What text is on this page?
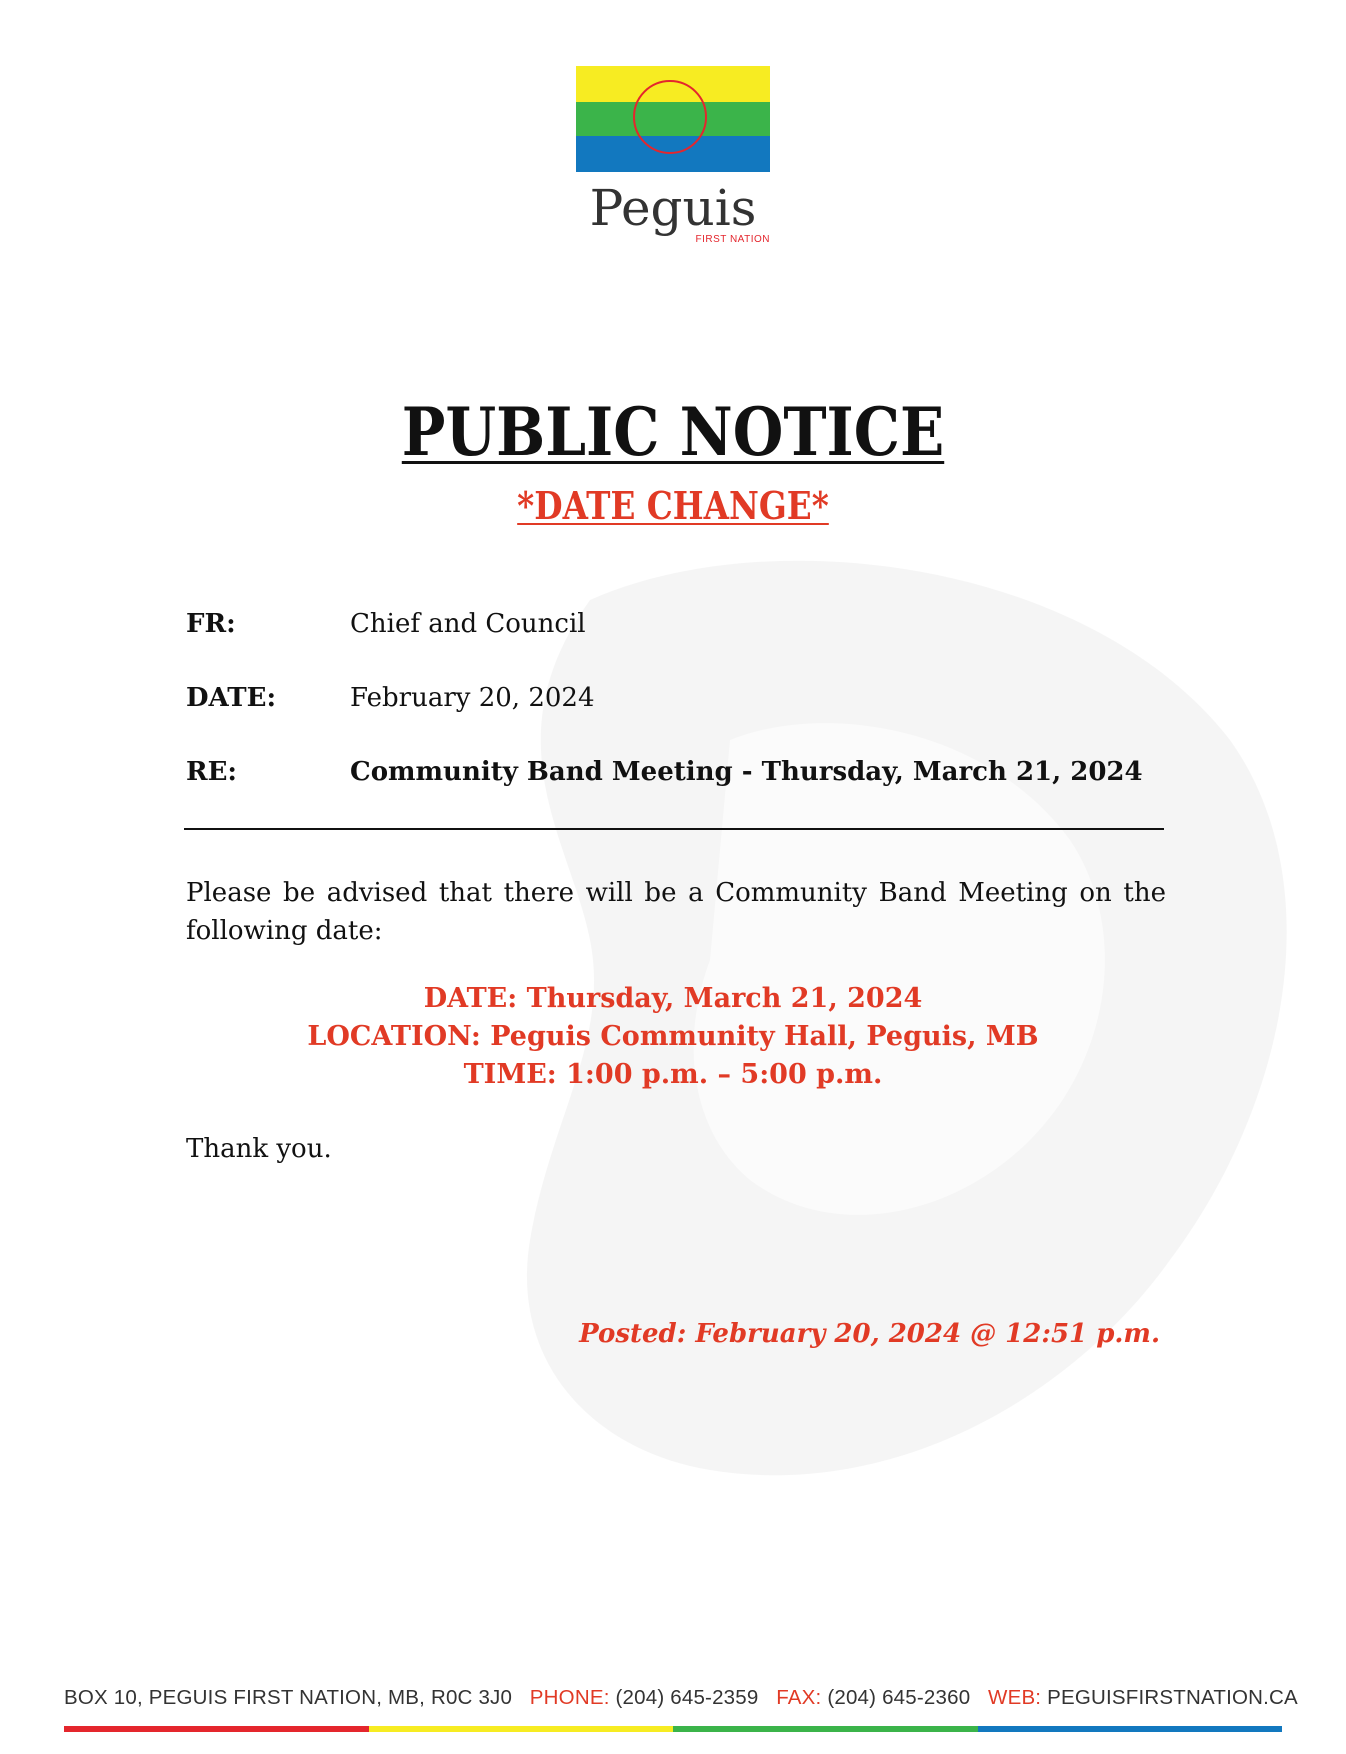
Peguis
FIRST NATION
PUBLIC NOTICE
*DATE CHANGE*
FR:	Chief and Council
DATE:	February 20, 2024
RE:	Community Band Meeting - Thursday, March 21, 2024
Please be advised that there will be a Community Band Meeting on the following date:
DATE: Thursday, March 21, 2024
LOCATION: Peguis Community Hall, Peguis, MB
TIME: 1:00 p.m. – 5:00 p.m.
Thank you.
Posted: February 20, 2024 @ 12:51 p.m.
BOX 10, PEGUIS FIRST NATION, MB, R0C 3J0 PHONE: (204) 645-2359 FAX: (204) 645-2360 WEB: PEGUISFIRSTNATION.CA
